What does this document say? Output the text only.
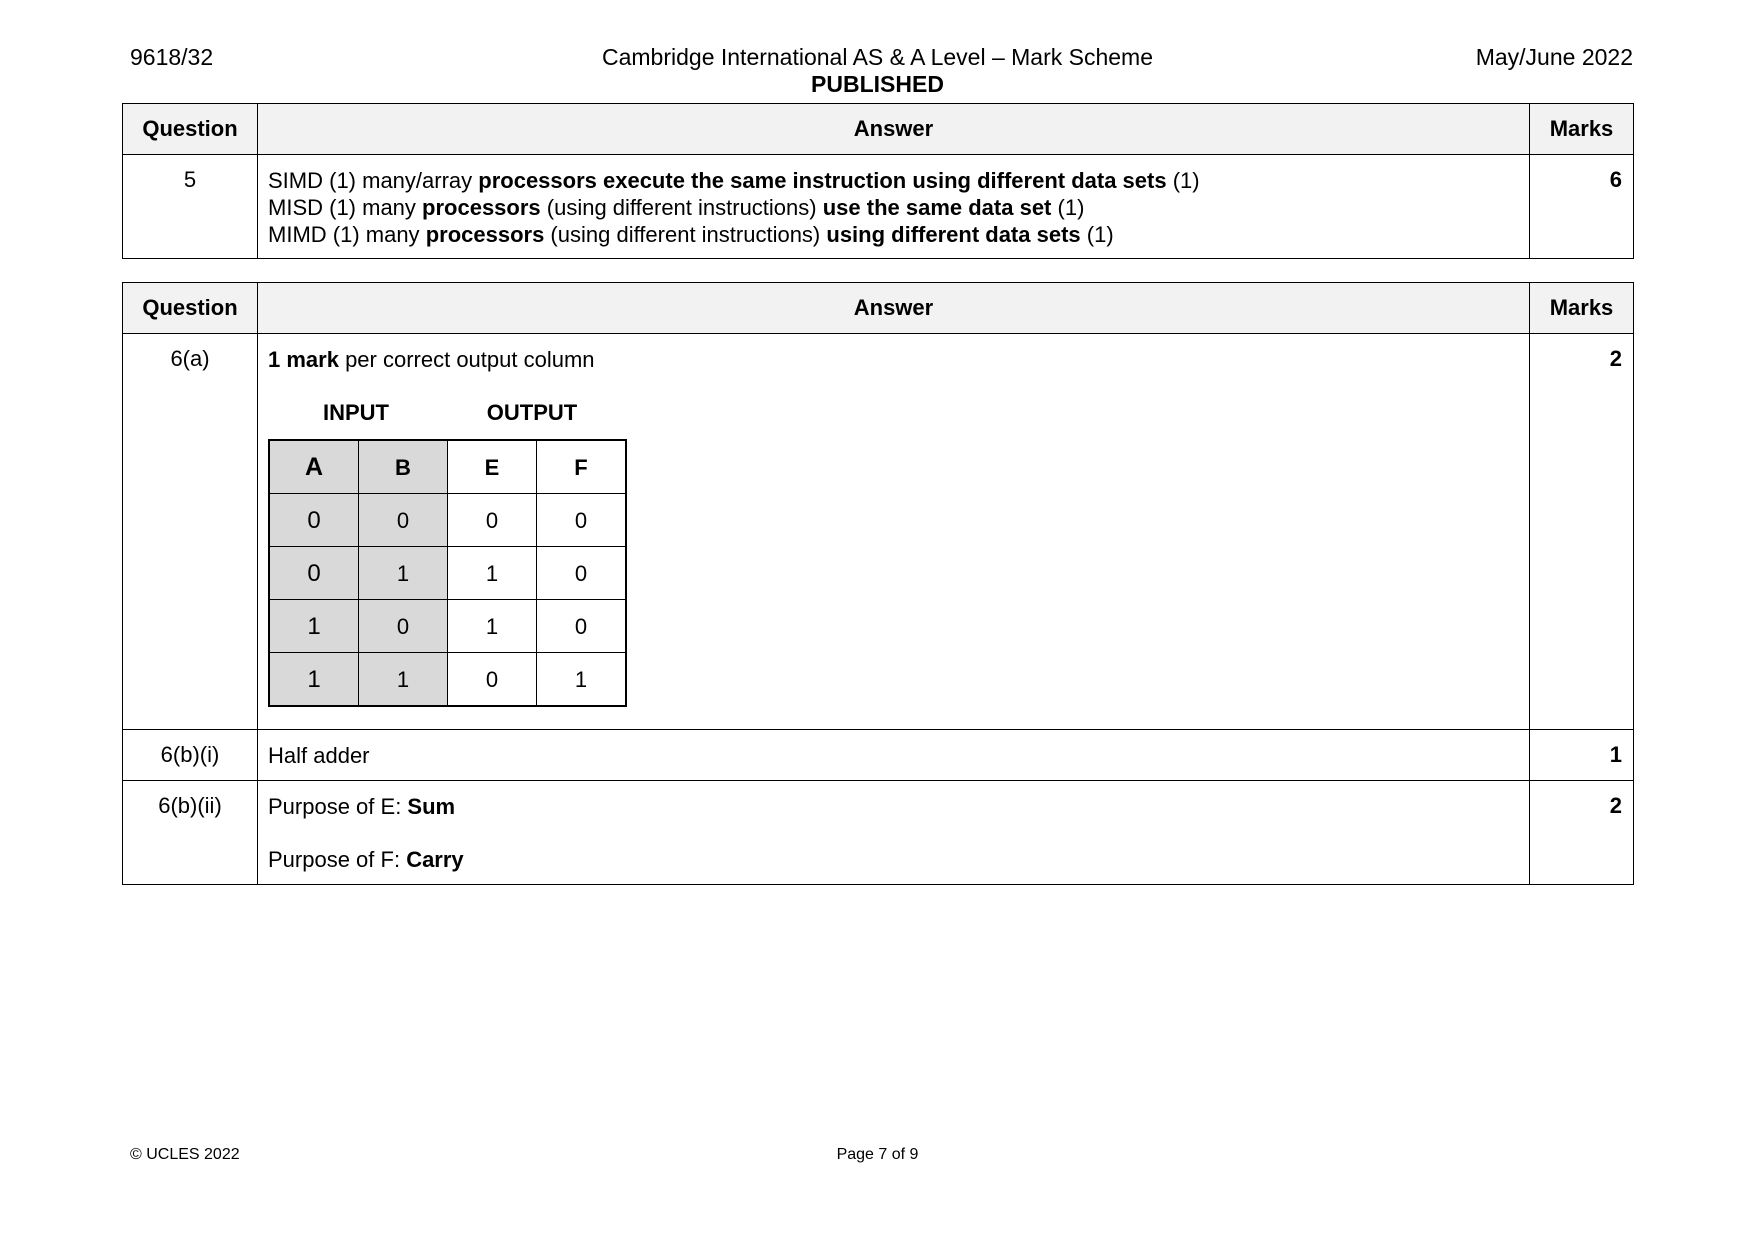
9618/32	Cambridge International AS & A Level – Mark Scheme
PUBLISHED
May/June 2022
Question	Answer	Marks
5	SIMD (1) many/array processors execute the same instruction using different data sets (1)
MISD (1) many processors (using different instructions) use the same data set (1)
MIMD (1) many processors (using different instructions) using different data sets (1)	6
Question	Answer	Marks
6(a)	1 mark per correct output column
INPUT	OUTPUT
A	B	E	F
0	0	0	0
0	1	1	0
1	0	1	0
1	1	0	1
	2
6(b)(i)	Half adder	1
6(b)(ii)	Purpose of E: Sum
Purpose of F: Carry
	2
© UCLES 2022	Page 7 of 9
